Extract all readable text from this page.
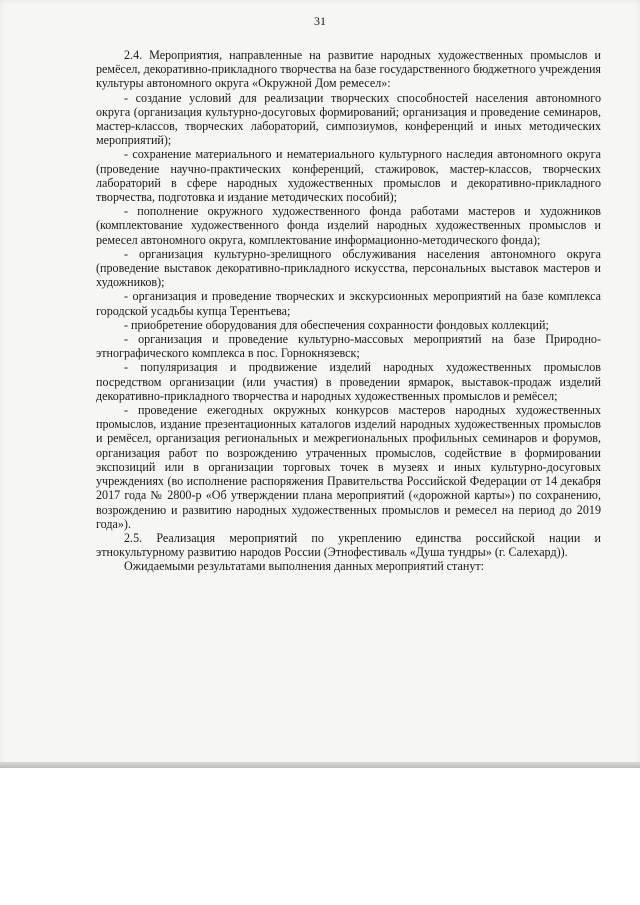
31

2.4. Мероприятия, направленные на развитие народных художественных промыслов и ремёсел, декоративно-прикладного творчества на базе государственного бюджетного учреждения культуры автономного округа «Окружной Дом ремесел»:

- создание условий для реализации творческих способностей населения автономного округа (организация культурно-досуговых формирований; организация и проведение семинаров, мастер-классов, творческих лабораторий, симпозиумов, конференций и иных методических мероприятий);

- сохранение материального и нематериального культурного наследия автономного округа (проведение научно-практических конференций, стажировок, мастер-классов, творческих лабораторий в сфере народных художественных промыслов и декоративно-прикладного творчества, подготовка и издание методических пособий);

- пополнение окружного художественного фонда работами мастеров и художников (комплектование художественного фонда изделий народных художественных промыслов и ремесел автономного округа, комплектование информационно-методического фонда);

- организация культурно-зрелищного обслуживания населения автономного округа (проведение выставок декоративно-прикладного искусства, персональных выставок мастеров и художников);

- организация и проведение творческих и экскурсионных мероприятий на базе комплекса городской усадьбы купца Терентьева;

- приобретение оборудования для обеспечения сохранности фондовых коллекций;

- организация и проведение культурно-массовых мероприятий на базе Природно-этнографического комплекса в пос. Горнокнязевск;

- популяризация и продвижение изделий народных художественных промыслов посредством организации (или участия) в проведении ярмарок, выставок-продаж изделий декоративно-прикладного творчества и народных художественных промыслов и ремёсел;

- проведение ежегодных окружных конкурсов мастеров народных художественных промыслов, издание презентационных каталогов изделий народных художественных промыслов и ремёсел, организация региональных и межрегиональных профильных семинаров и форумов, организация работ по возрождению утраченных промыслов, содействие в формировании экспозиций или в организации торговых точек в музеях и иных культурно-досуговых учреждениях (во исполнение распоряжения Правительства Российской Федерации от 14 декабря 2017 года № 2800-р «Об утверждении плана мероприятий («дорожной карты») по сохранению, возрождению и развитию народных художественных промыслов и ремесел на период до 2019 года»).

2.5. Реализация мероприятий по укреплению единства российской нации и этнокультурному развитию народов России (Этнофестиваль «Душа тундры» (г. Салехард)).

Ожидаемыми результатами выполнения данных мероприятий станут:
